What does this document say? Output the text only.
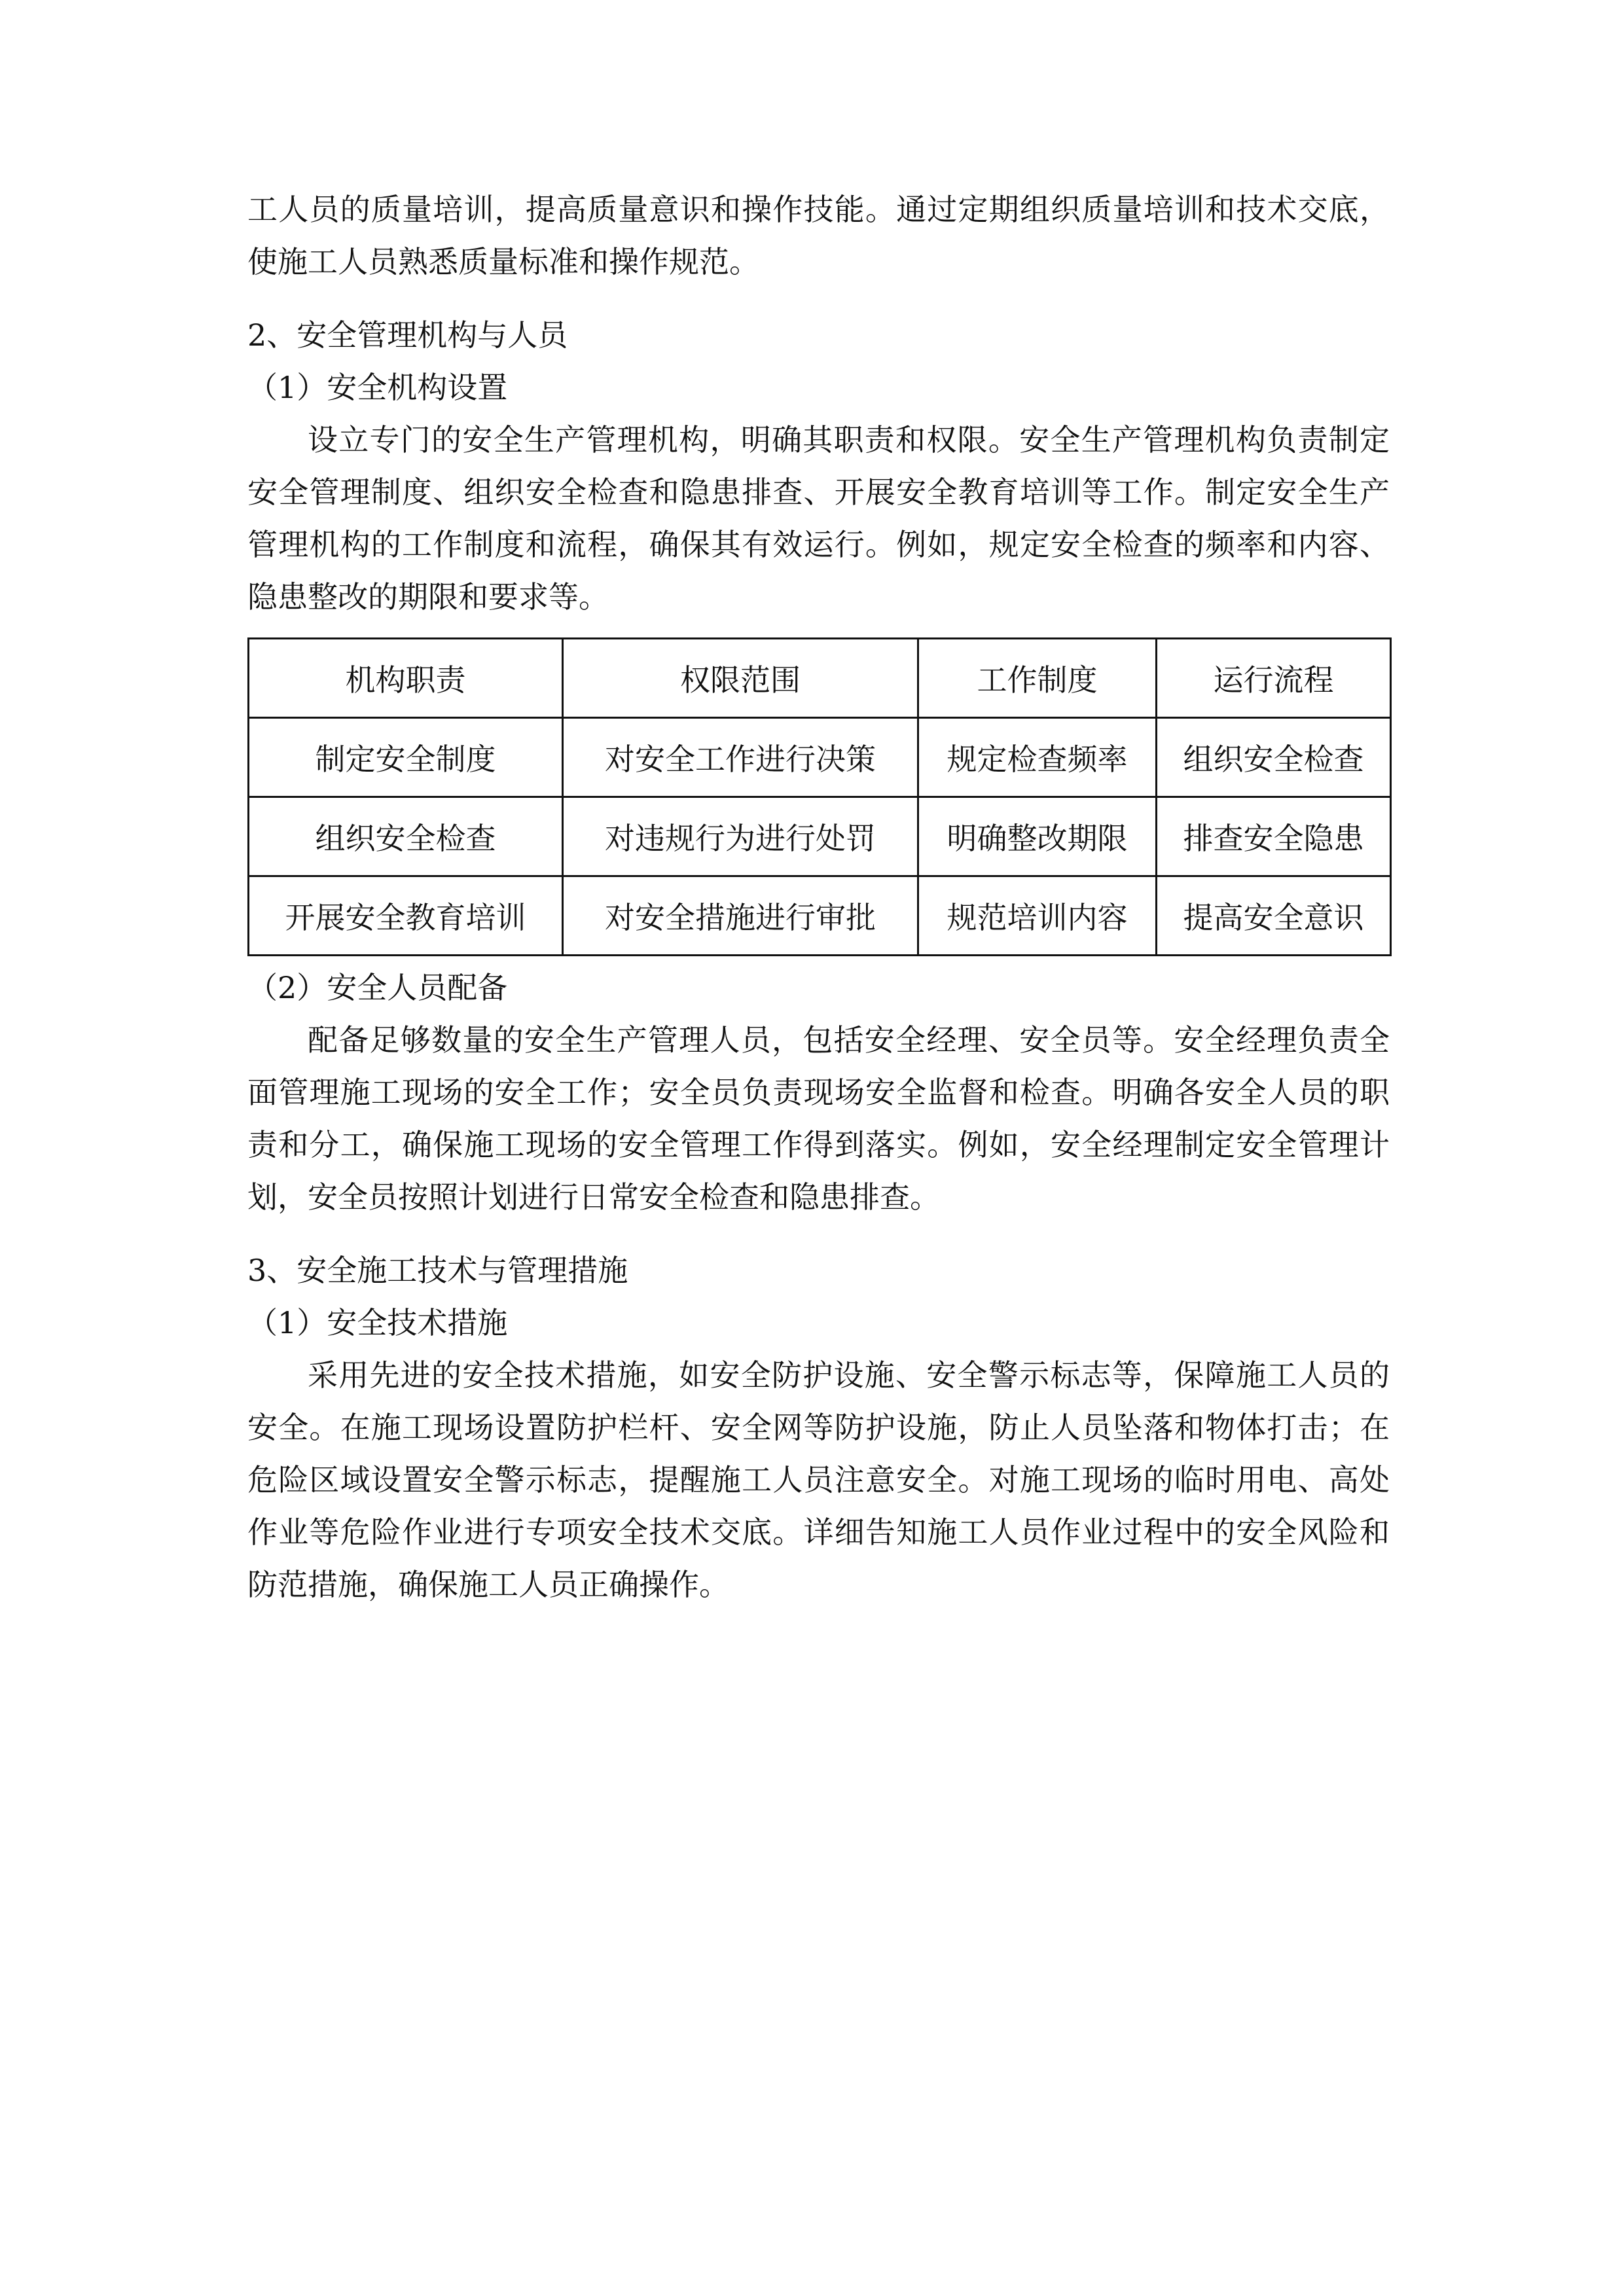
工人员的质量培训，提高质量意识和操作技能。通过定期组织质量培训和技术交底，使施工人员熟悉质量标准和操作规范。

2、安全管理机构与人员

（1）安全机构设置

设立专门的安全生产管理机构，明确其职责和权限。安全生产管理机构负责制定安全管理制度、组织安全检查和隐患排查、开展安全教育培训等工作。制定安全生产管理机构的工作制度和流程，确保其有效运行。例如，规定安全检查的频率和内容、隐患整改的期限和要求等。

机构职责	权限范围	工作制度	运行流程
制定安全制度	对安全工作进行决策	规定检查频率	组织安全检查
组织安全检查	对违规行为进行处罚	明确整改期限	排查安全隐患
开展安全教育培训	对安全措施进行审批	规范培训内容	提高安全意识

（2）安全人员配备

配备足够数量的安全生产管理人员，包括安全经理、安全员等。安全经理负责全面管理施工现场的安全工作；安全员负责现场安全监督和检查。明确各安全人员的职责和分工，确保施工现场的安全管理工作得到落实。例如，安全经理制定安全管理计划，安全员按照计划进行日常安全检查和隐患排查。

3、安全施工技术与管理措施

（1）安全技术措施

采用先进的安全技术措施，如安全防护设施、安全警示标志等，保障施工人员的安全。在施工现场设置防护栏杆、安全网等防护设施，防止人员坠落和物体打击；在危险区域设置安全警示标志，提醒施工人员注意安全。对施工现场的临时用电、高处作业等危险作业进行专项安全技术交底。详细告知施工人员作业过程中的安全风险和防范措施，确保施工人员正确操作。
